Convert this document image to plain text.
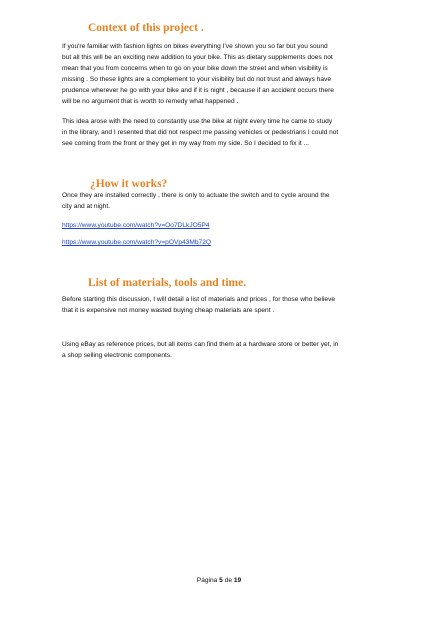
Context of this project .

If you're familiar with fashion lights on bikes everything I've shown you so far but you sound
but all this will be an exciting new addition to your bike. This as dietary supplements does not
mean that you from concerns when to go on your bike down the street and when visibility is
missing . So these lights are a complement to your visibility but do not trust and always have
prudence wherever he go with your bike and if it is night , because if an accident occurs there
will be no argument that is worth to remedy what happened .

This idea arose with the need to constantly use the bike at night every time he came to study
in the library, and I resented that did not respect me passing vehicles or pedestrians I could not
see coming from the front or they get in my way from my side. So I decided to fix it ...

¿How it works?

Once they are installed correctly , there is only to actuate the switch and to cycle around the
city and at night.

https://www.youtube.com/watch?v=Oo7DLkJO5P4
https://www.youtube.com/watch?v=pOVp43Mb72Q
List of materials, tools and time.

Before starting this discussion, I will detail a list of materials and prices , for those who believe
that it is expensive not money wasted buying cheap materials are spent .

Using eBay as reference prices, but all items can find them at a hardware store or better yet, in
a shop selling electronic components.

Página 5 de 19
